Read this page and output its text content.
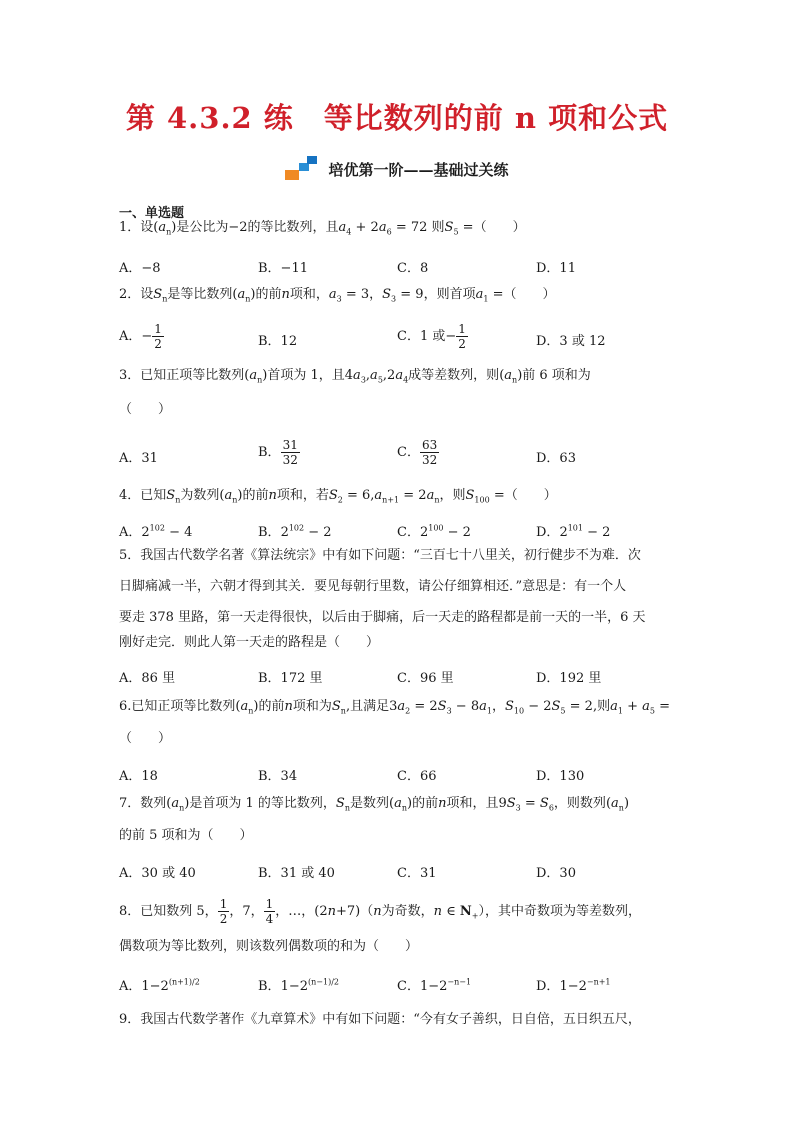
第 4.3.2 练　等比数列的前 n 项和公式
培优第一阶——基础过关练
一、单选题
1．设$(a_n)$是公比为−2的等比数列，且$a_4 + 2a_6 = 72$ 则$S_5$ =（　　）
A．−8	B．−11	C．8	D．11
2．设$S_n$是等比数列$(a_n)$的前n项和，$a_3 = 3$，$S_3 = 9$，则首项$a_1$ =（　　）
A．− $\frac{1}{2}$	B．12	C．1 或− $\frac{1}{2}$	D．3 或 12
3．已知正项等比数列$(a_n)$首项为 1，且$4a_3,a_5,2a_4$成等差数列，则$(a_n)$前 6 项和为
（　　）
A．31	B． $\frac{31}{32}$	C． $\frac{63}{32}$	D．63
4．已知$S_n$为数列$(a_n)$的前n项和，若$S_2 = 6,a_{n+1} = 2a_n$，则$S_{100}$ =（　　）
A．$2^{102} - 4$	B．$2^{102} - 2$	C．$2^{100} - 2$	D．$2^{101} - 2$
5．我国古代数学名著《算法统宗》中有如下问题：“三百七十八里关，初行健步不为难．次
日脚痛减一半，六朝才得到其关．要见每朝行里数，请公仔细算相还．”意思是：有一个人
要走 378 里路，第一天走得很快，以后由于脚痛，后一天走的路程都是前一天的一半，6 天
刚好走完．则此人第一天走的路程是（　　）
A．86 里	B．172 里	C．96 里	D．192 里
6.已知正项等比数列$(a_n)$的前n项和为$S_n$,且满足$3a_2 = 2S_3 - 8a_1$，$S_{10} - 2S_5 = 2$,则$a_1 + a_5$ =
（　　）
A．18	B．34	C．66	D．130
7．数列$(a_n)$是首项为 1 的等比数列，$S_n$是数列$(a_n)$的前n项和，且$9S_3 = S_6$，则数列$(a_n)$
的前 5 项和为（　　）
A．30 或 40	B．31 或 40	C．31	D．30
8．已知数列 5， $\frac{1}{2}$ ，7， $\frac{1}{4}$ ，…，(2n+7)（n为奇数，n ∈ $N_+$），其中奇数项为等差数列，
偶数项为等比数列，则该数列偶数项的和为（　　）
A．$1-2^{(n+1)/2}$	B．$1-2^{(n-1)/2}$	C．$1-2^{-n-1}$	D．$1-2^{-n+1}$
9．我国古代数学著作《九章算术》中有如下问题：“今有女子善织，日自倍，五日织五尺，
